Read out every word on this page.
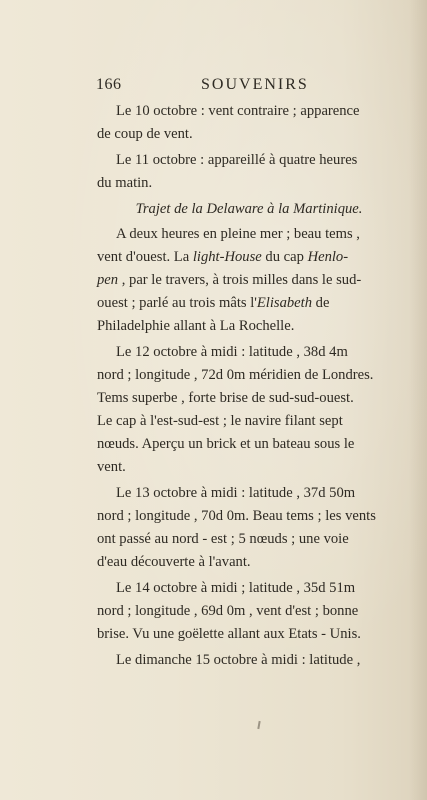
166	SOUVENIRS

Le 10 octobre : vent contraire ; apparence
de coup de vent.

Le 11 octobre : appareillé à quatre heures
du matin.

Trajet de la Delaware à la Martinique.

A deux heures en pleine mer ; beau tems ,
vent d'ouest. La light-House du cap Henlo-
pen , par le travers, à trois milles dans le sud-
ouest ; parlé au trois mâts l'Elisabeth de
Philadelphie allant à La Rochelle.

Le 12 octobre à midi : latitude , 38d 4m
nord ; longitude , 72d 0m méridien de Londres.
Tems superbe , forte brise de sud-sud-ouest.
Le cap à l'est-sud-est ; le navire filant sept
nœuds. Aperçu un brick et un bateau sous le
vent.

Le 13 octobre à midi : latitude , 37d 50m
nord ; longitude , 70d 0m. Beau tems ; les vents
ont passé au nord - est ; 5 nœuds ; une voie
d'eau découverte à l'avant.

Le 14 octobre à midi ; latitude , 35d 51m
nord ; longitude , 69d 0m , vent d'est ; bonne
brise. Vu une goëlette allant aux Etats - Unis.

Le dimanche 15 octobre à midi : latitude ,
